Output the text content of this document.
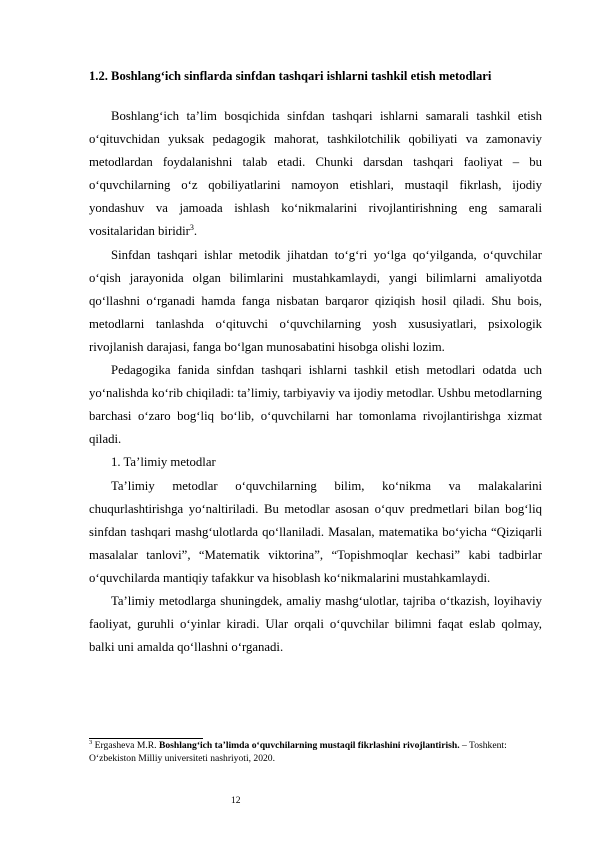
1.2. Boshlang‘ich sinflarda sinfdan tashqari ishlarni tashkil etish metodlari

Boshlang‘ich ta’lim bosqichida sinfdan tashqari ishlarni samarali tashkil etish o‘qituvchidan yuksak pedagogik mahorat, tashkilotchilik qobiliyati va zamonaviy metodlardan foydalanishni talab etadi. Chunki darsdan tashqari faoliyat – bu o‘quvchilarning o‘z qobiliyatlarini namoyon etishlari, mustaqil fikrlash, ijodiy yondashuv va jamoada ishlash ko‘nikmalarini rivojlantirishning eng samarali vositalaridan biridir$^3$.

Sinfdan tashqari ishlar metodik jihatdan to‘g‘ri yo‘lga qo‘yilganda, o‘quvchilar o‘qish jarayonida olgan bilimlarini mustahkamlaydi, yangi bilimlarni amaliyotda qo‘llashni o‘rganadi hamda fanga nisbatan barqaror qiziqish hosil qiladi. Shu bois, metodlarni tanlashda o‘qituvchi o‘quvchilarning yosh xususiyatlari, psixologik rivojlanish darajasi, fanga bo‘lgan munosabatini hisobga olishi lozim.

Pedagogika fanida sinfdan tashqari ishlarni tashkil etish metodlari odatda uch yo‘nalishda ko‘rib chiqiladi: ta’limiy, tarbiyaviy va ijodiy metodlar. Ushbu metodlarning barchasi o‘zaro bog‘liq bo‘lib, o‘quvchilarni har tomonlama rivojlantirishga xizmat qiladi.

1. Ta’limiy metodlar

Ta’limiy metodlar o‘quvchilarning bilim, ko‘nikma va malakalarini chuqurlashtirishga yo‘naltiriladi. Bu metodlar asosan o‘quv predmetlari bilan bog‘liq sinfdan tashqari mashg‘ulotlarda qo‘llaniladi. Masalan, matematika bo‘yicha “Qiziqarli masalalar tanlovi”, “Matematik viktorina”, “Topishmoqlar kechasi” kabi tadbirlar o‘quvchilarda mantiqiy tafakkur va hisoblash ko‘nikmalarini mustahkamlaydi.

Ta’limiy metodlarga shuningdek, amaliy mashg‘ulotlar, tajriba o‘tkazish, loyihaviy faoliyat, guruhli o‘yinlar kiradi. Ular orqali o‘quvchilar bilimni faqat eslab qolmay, balki uni amalda qo‘llashni o‘rganadi.

$^3$ Ergasheva M.R. Boshlang‘ich ta’limda o‘quvchilarning mustaqil fikrlashini rivojlantirish. – Toshkent: O‘zbekiston Milliy universiteti nashriyoti, 2020.

12
